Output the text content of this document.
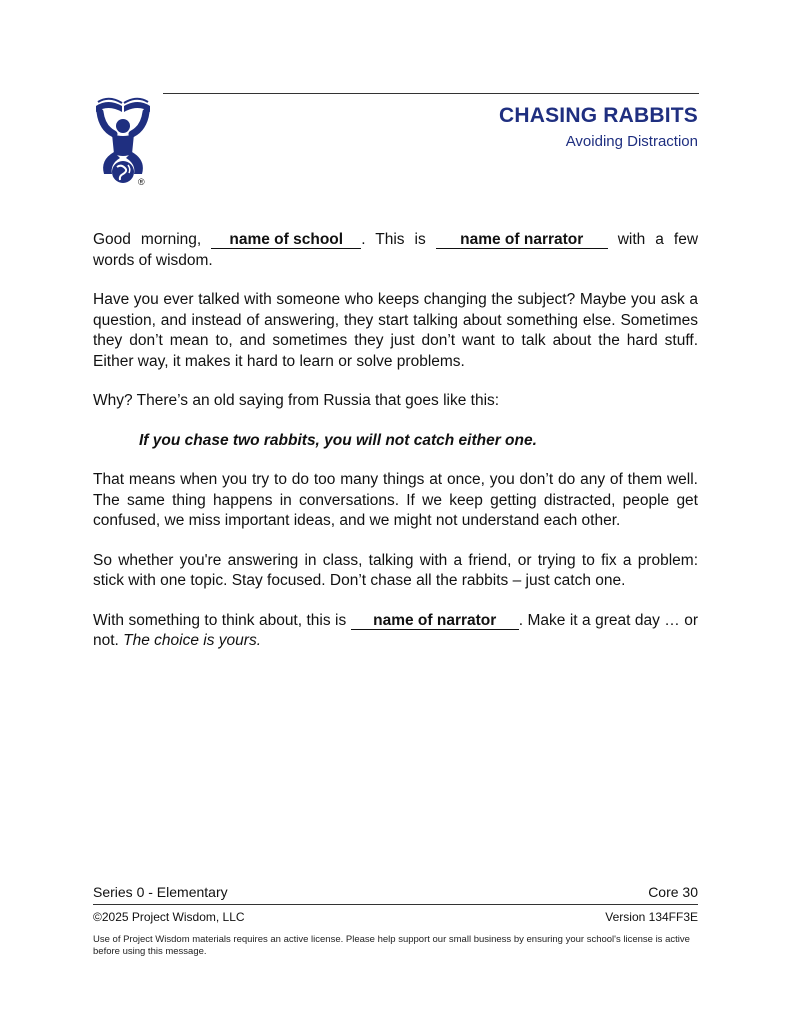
®
CHASING RABBITS
Avoiding Distraction

Good morning, name of school . This is name of narrator with a few words of wisdom.

Have you ever talked with someone who keeps changing the subject? Maybe you ask a question, and instead of answering, they start talking about something else. Sometimes they don’t mean to, and sometimes they just don’t want to talk about the hard stuff. Either way, it makes it hard to learn or solve problems.

Why? There’s an old saying from Russia that goes like this:

If you chase two rabbits, you will not catch either one.

That means when you try to do too many things at once, you don’t do any of them well. The same thing happens in conversations. If we keep getting distracted, people get confused, we miss important ideas, and we might not understand each other.

So whether you're answering in class, talking with a friend, or trying to fix a problem: stick with one topic. Stay focused. Don’t chase all the rabbits – just catch one.

With something to think about, this is name of narrator . Make it a great day … or not. The choice is yours.

Series 0 - Elementary	Core 30
©2025 Project Wisdom, LLC	Version 134FF3E
Use of Project Wisdom materials requires an active license. Please help support our small business by ensuring your school's license is active before using this message.
